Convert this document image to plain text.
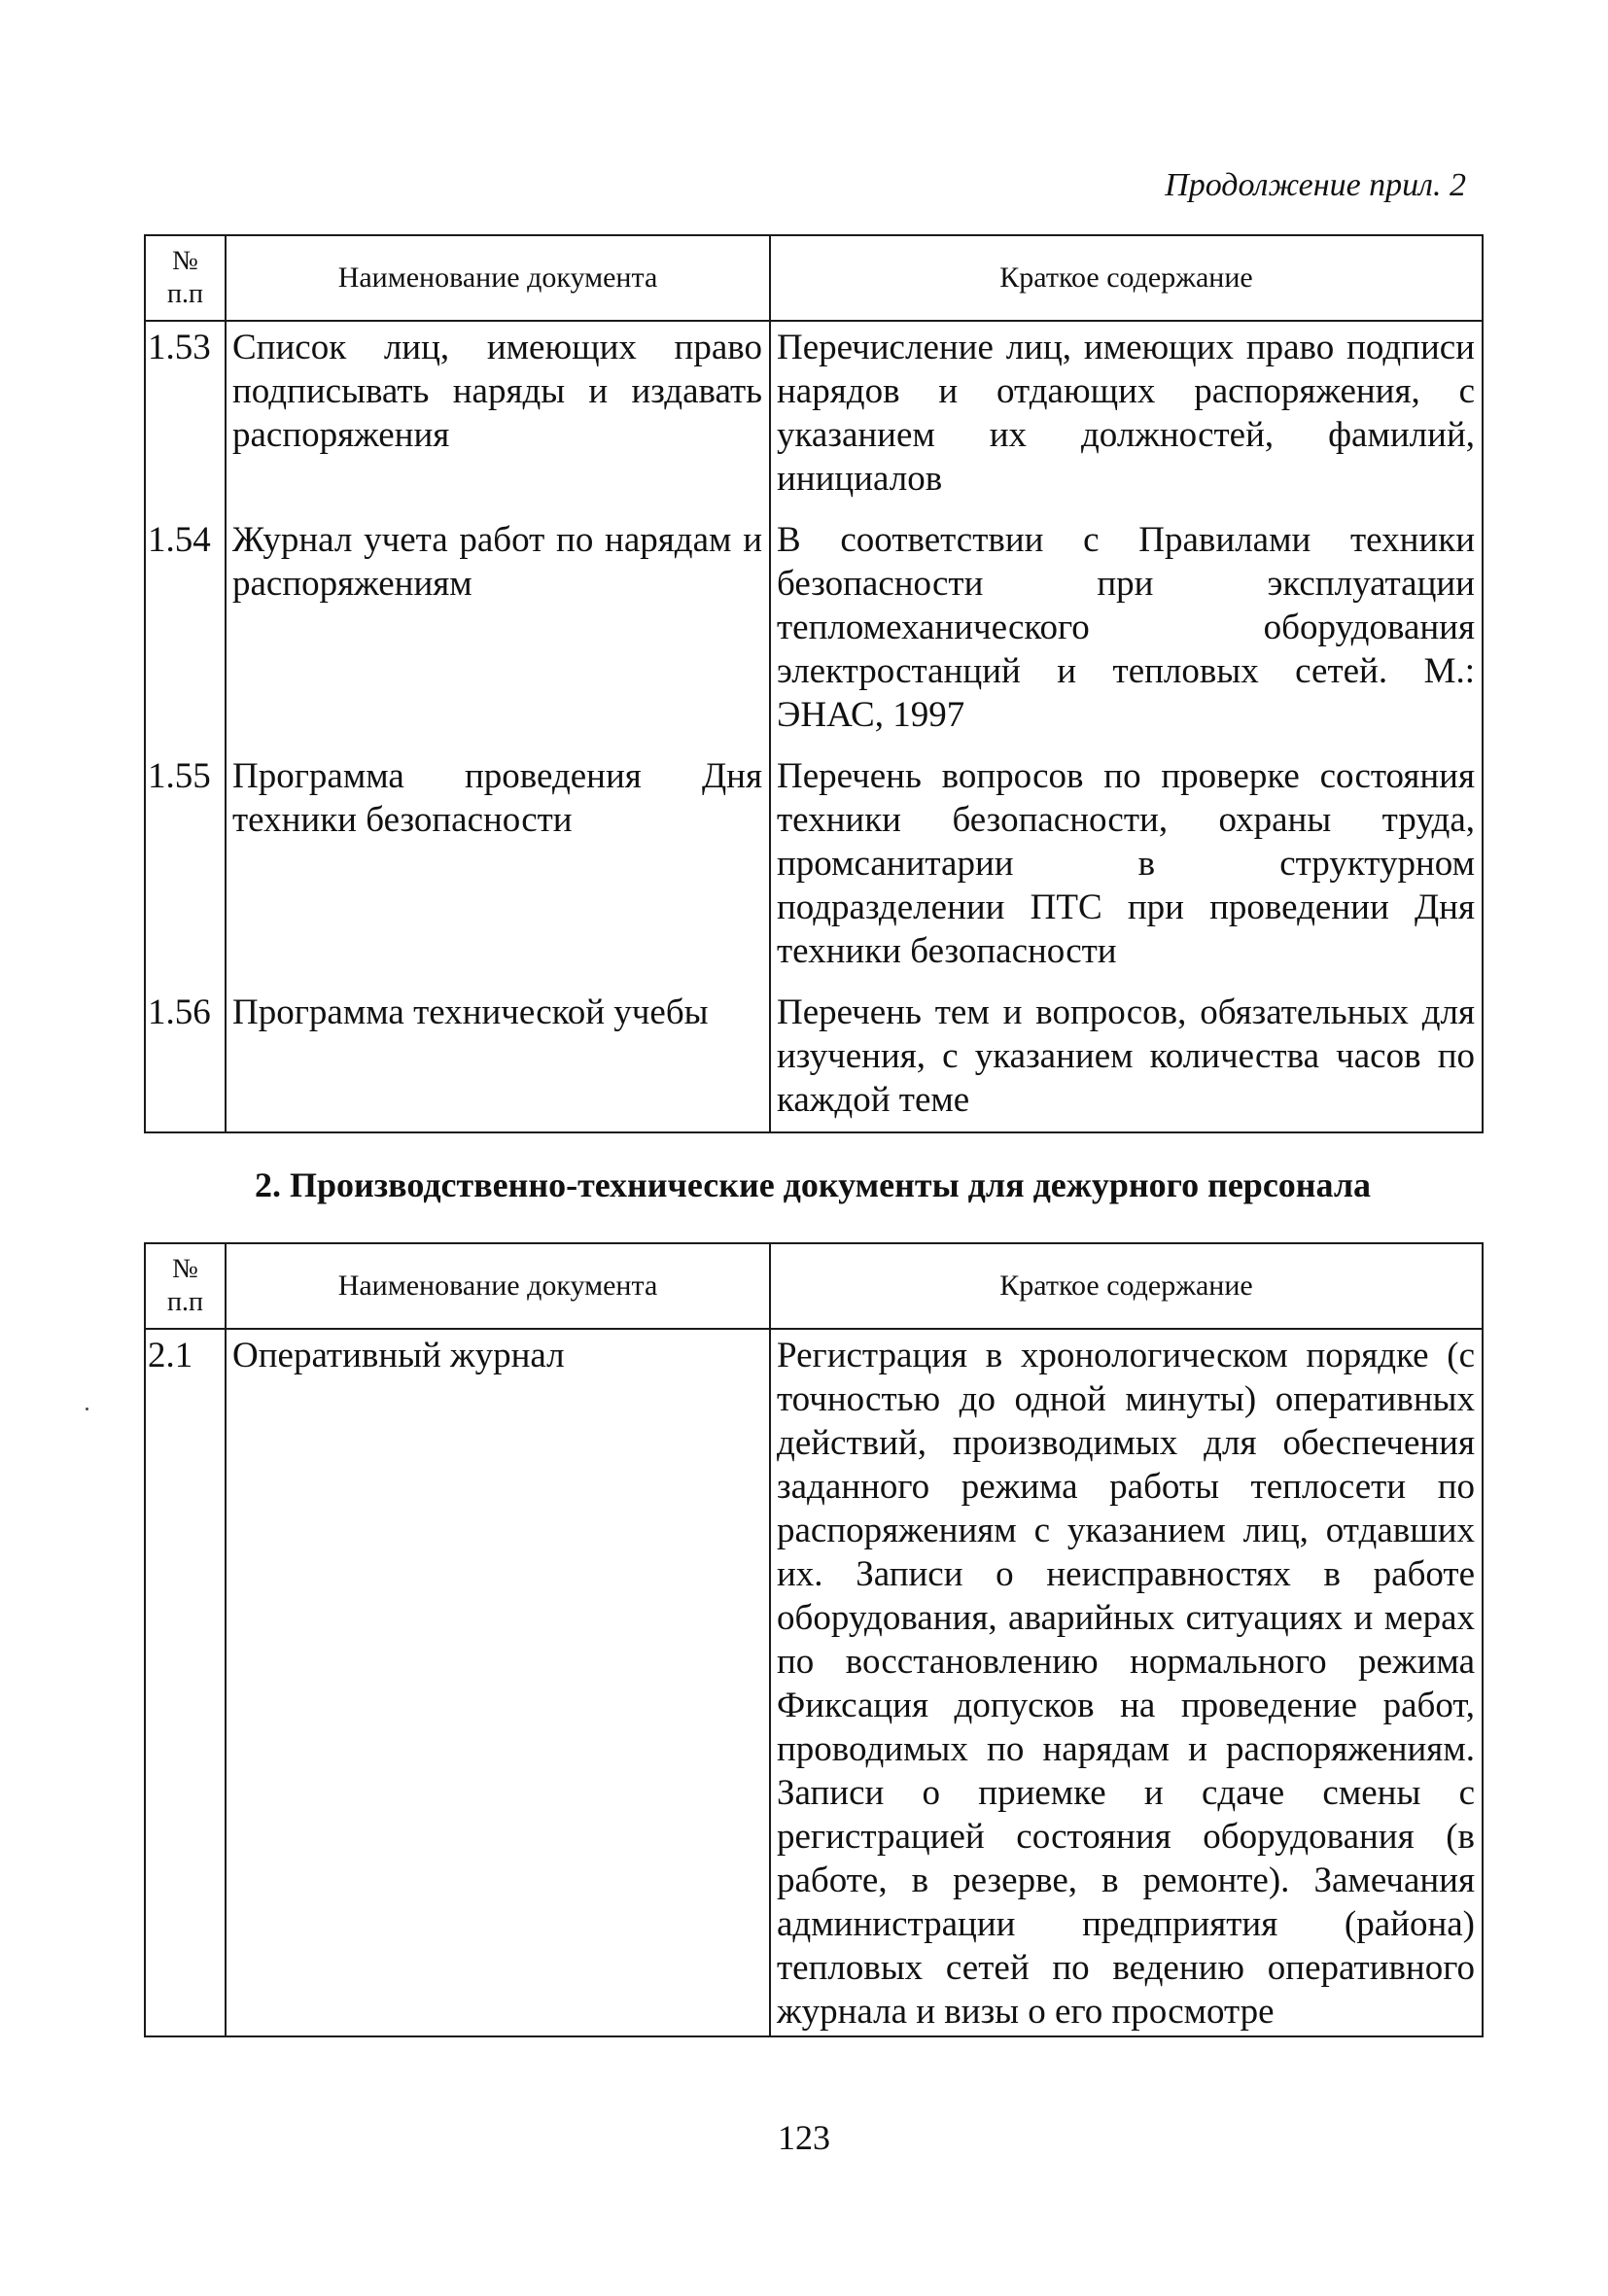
Продолжение прил. 2
№ п.п	Наименование документа	Краткое содержание
1.53	Список лиц, имеющих право подписывать наряды и издавать распоряжения	Перечисление лиц, имеющих право подписи нарядов и отдающих распоряжения, с указанием их должностей, фамилий, инициалов
1.54	Журнал учета работ по нарядам и распоряжениям	В соответствии с Правилами техники безопасности при эксплуатации тепломеханического оборудования электростанций и тепловых сетей. М.: ЭНАС, 1997
1.55	Программа проведения Дня техники безопасности	Перечень вопросов по проверке состояния техники безопасности, охраны труда, промсанитарии в структурном подразделении ПТС при проведении Дня техники безопасности
1.56	Программа технической учебы	Перечень тем и вопросов, обязательных для изучения, с указанием количества часов по каждой теме
2. Производственно-технические документы для дежурного персонала
№ п.п	Наименование документа	Краткое содержание
2.1	Оперативный журнал	Регистрация в хронологическом порядке (с точностью до одной минуты) оперативных действий, производимых для обеспечения заданного режима работы теплосети по распоряжениям с указанием лиц, отдавших их. Записи о неисправностях в работе оборудования, аварийных ситуациях и мерах по восстановлению нормального режима Фиксация допусков на проведение работ, проводимых по нарядам и распоряжениям. Записи о приемке и сдаче смены с регистрацией состояния оборудования (в работе, в резерве, в ремонте). Замечания администрации предприятия (района) тепловых сетей по ведению оперативного журнала и визы о его просмотре
123
